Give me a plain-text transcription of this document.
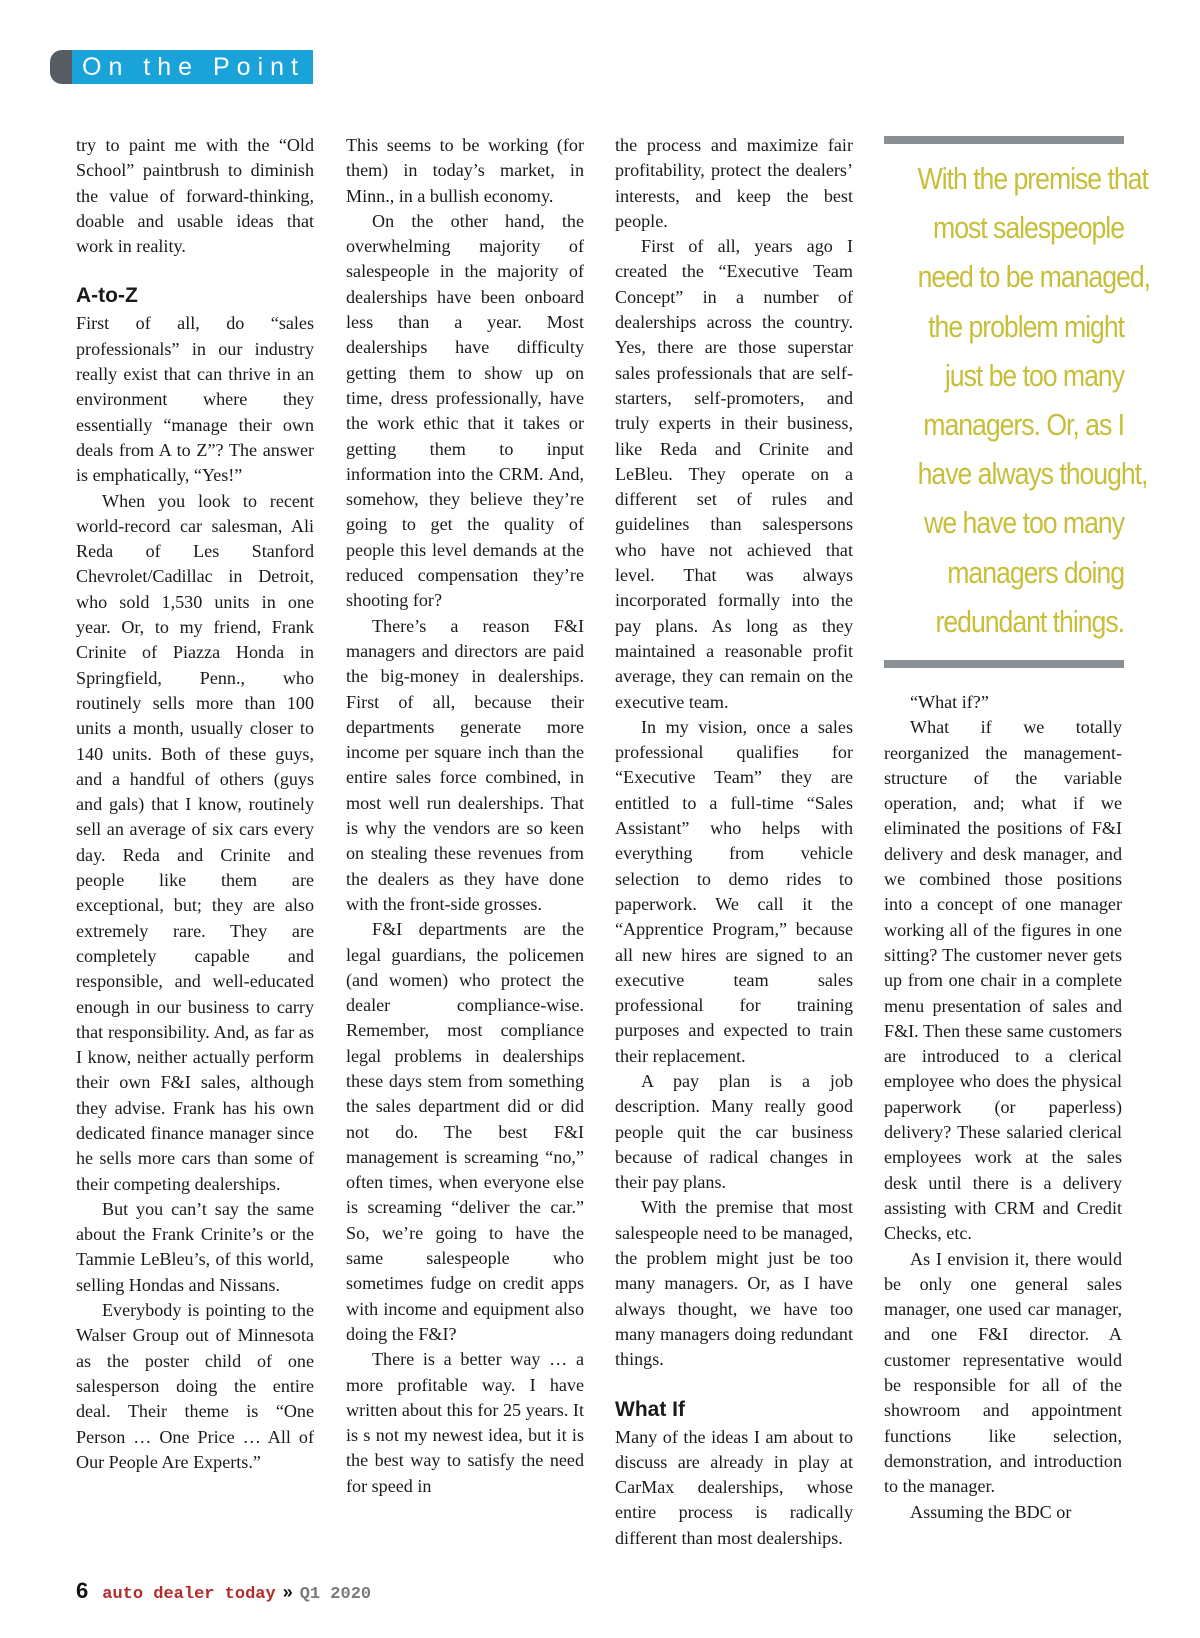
On the Point

try to paint me with the “Old School” paintbrush to diminish the value of forward-thinking, doable and usable ideas that work in reality.

A-to-Z

First of all, do “sales professionals” in our industry really exist that can thrive in an environment where they essentially “manage their own deals from A to Z”? The answer is emphatically, “Yes!”

When you look to recent world-record car salesman, Ali Reda of Les Stanford Chevrolet/Cadillac in Detroit, who sold 1,530 units in one year. Or, to my friend, Frank Crinite of Piazza Honda in Springfield, Penn., who routinely sells more than 100 units a month, usually closer to 140 units. Both of these guys, and a handful of others (guys and gals) that I know, routinely sell an average of six cars every day. Reda and Crinite and people like them are exceptional, but; they are also extremely rare. They are completely capable and responsible, and well-educated enough in our business to carry that responsibility. And, as far as I know, neither actually perform their own F&I sales, although they advise. Frank has his own dedicated finance manager since he sells more cars than some of their competing dealerships.

But you can’t say the same about the Frank Crinite’s or the Tammie LeBleu’s, of this world, selling Hondas and Nissans.

Everybody is pointing to the Walser Group out of Minnesota as the poster child of one salesperson doing the entire deal. Their theme is “One Person … One Price … All of Our People Are Experts.”

This seems to be working (for them) in today’s market, in Minn., in a bullish economy.

On the other hand, the overwhelming majority of salespeople in the majority of dealerships have been onboard less than a year. Most dealerships have difficulty getting them to show up on time, dress professionally, have the work ethic that it takes or getting them to input information into the CRM. And, somehow, they believe they’re going to get the quality of people this level demands at the reduced compensation they’re shooting for?

There’s a reason F&I managers and directors are paid the big-money in dealerships. First of all, because their departments generate more income per square inch than the entire sales force combined, in most well run dealerships. That is why the vendors are so keen on stealing these revenues from the dealers as they have done with the front-side grosses.

F&I departments are the legal guardians, the policemen (and women) who protect the dealer compliance-wise. Remember, most compliance legal problems in dealerships these days stem from something the sales department did or did not do. The best F&I management is screaming “no,” often times, when everyone else is screaming “deliver the car.” So, we’re going to have the same salespeople who sometimes fudge on credit apps with income and equipment also doing the F&I?

There is a better way … a more profitable way. I have written about this for 25 years. It is s not my newest idea, but it is the best way to satisfy the need for speed in

the process and maximize fair profitability, protect the dealers’ interests, and keep the best people.

First of all, years ago I created the “Executive Team Concept” in a number of dealerships across the country. Yes, there are those superstar sales professionals that are self-starters, self-promoters, and truly experts in their business, like Reda and Crinite and LeBleu. They operate on a different set of rules and guidelines than salespersons who have not achieved that level. That was always incorporated formally into the pay plans. As long as they maintained a reasonable profit average, they can remain on the executive team.

In my vision, once a sales professional qualifies for “Executive Team” they are entitled to a full-time “Sales Assistant” who helps with everything from vehicle selection to demo rides to paperwork. We call it the “Apprentice Program,” because all new hires are signed to an executive team sales professional for training purposes and expected to train their replacement.

A pay plan is a job description. Many really good people quit the car business because of radical changes in their pay plans.

With the premise that most salespeople need to be managed, the problem might just be too many managers. Or, as I have always thought, we have too many managers doing redundant things.

What If

Many of the ideas I am about to discuss are already in play at CarMax dealerships, whose entire process is radically different than most dealerships.

With the premise that
most salespeople
need to be managed,
the problem might
just be too many
managers. Or, as I
have always thought,
we have too many
managers doing
redundant things.

“What if?”

What if we totally reorganized the management-structure of the variable operation, and; what if we eliminated the positions of F&I delivery and desk manager, and we combined those positions into a concept of one manager working all of the figures in one sitting? The customer never gets up from one chair in a complete menu presentation of sales and F&I. Then these same customers are introduced to a clerical employee who does the physical paperwork (or paperless) delivery? These salaried clerical employees work at the sales desk until there is a delivery assisting with CRM and Credit Checks, etc.

As I envision it, there would be only one general sales manager, one used car manager, and one F&I director. A customer representative would be responsible for all of the showroom and appointment functions like selection, demonstration, and introduction to the manager.

Assuming the BDC or

6 auto dealer today » Q1 2020
